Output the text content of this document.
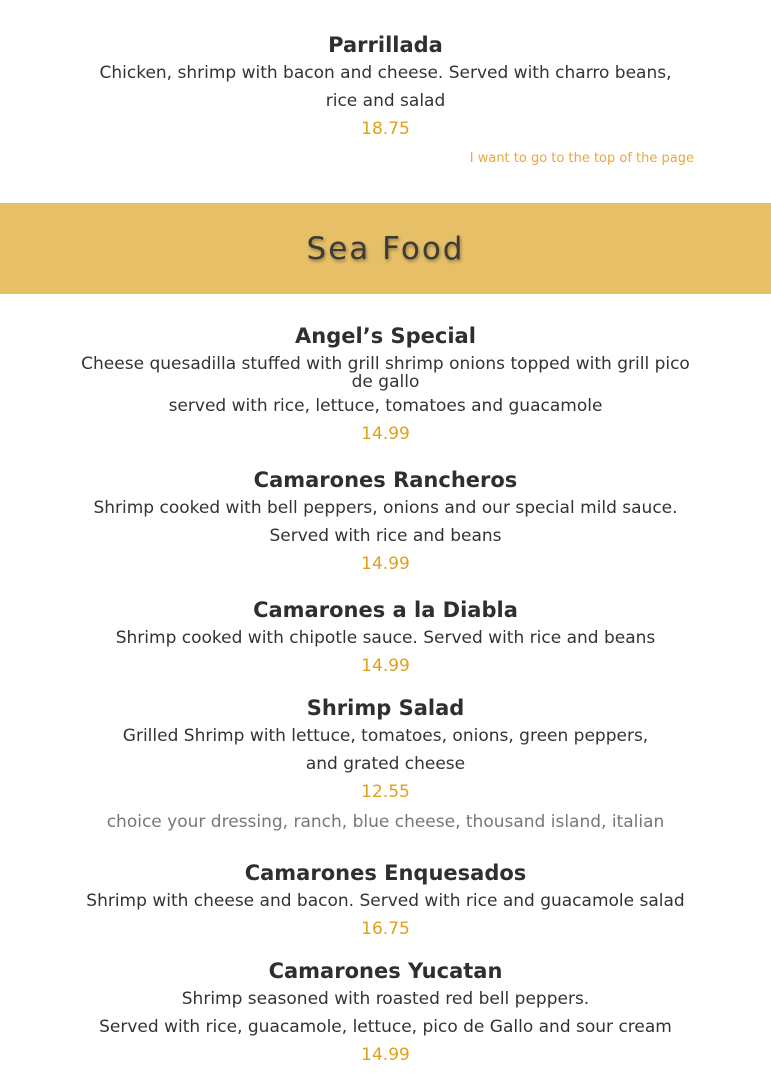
Parrillada
Chicken, shrimp with bacon and cheese. Served with charro beans,
rice and salad
18.75
I want to go to the top of the page
Sea Food
Angel’s Special
Cheese quesadilla stuffed with grill shrimp onions topped with grill pico
de gallo
served with rice, lettuce, tomatoes and guacamole
14.99
Camarones Rancheros
Shrimp cooked with bell peppers, onions and our special mild sauce.
Served with rice and beans
14.99
Camarones a la Diabla
Shrimp cooked with chipotle sauce. Served with rice and beans
14.99
Shrimp Salad
Grilled Shrimp with lettuce, tomatoes, onions, green peppers,
and grated cheese
12.55
choice your dressing, ranch, blue cheese, thousand island, italian
Camarones Enquesados
Shrimp with cheese and bacon. Served with rice and guacamole salad
16.75
Camarones Yucatan
Shrimp seasoned with roasted red bell peppers.
Served with rice, guacamole, lettuce, pico de Gallo and sour cream
14.99
